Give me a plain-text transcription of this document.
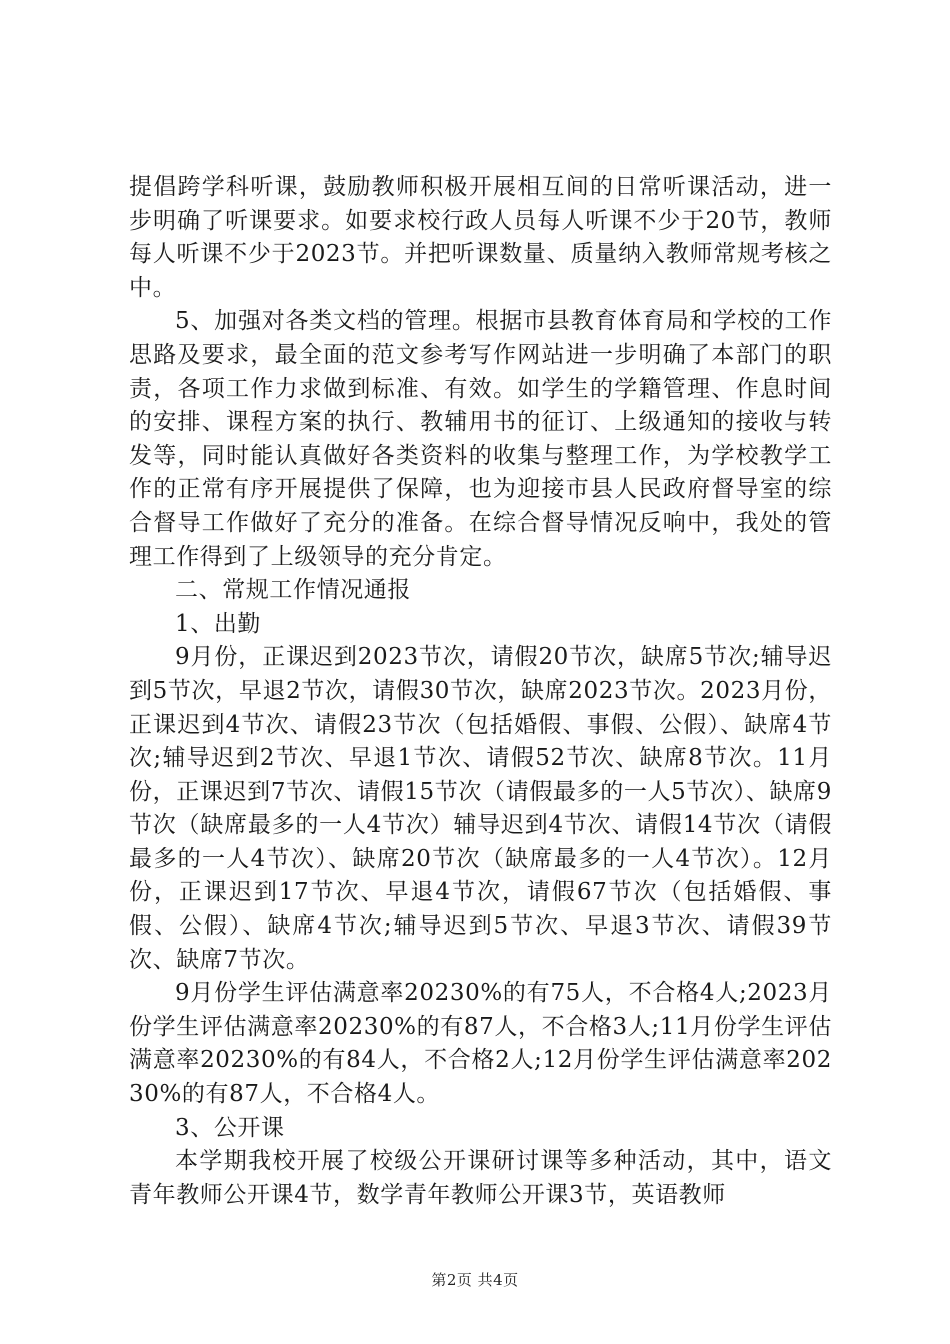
提倡跨学科听课，鼓励教师积极开展相互间的日常听课活动，进一步明确了听课要求。如要求校行政人员每人听课不少于20节，教师每人听课不少于2023节。并把听课数量、质量纳入教师常规考核之中。

5、加强对各类文档的管理。根据市县教育体育局和学校的工作思路及要求，最全面的范文参考写作网站进一步明确了本部门的职责，各项工作力求做到标准、有效。如学生的学籍管理、作息时间的安排、课程方案的执行、教辅用书的征订、上级通知的接收与转发等，同时能认真做好各类资料的收集与整理工作，为学校教学工作的正常有序开展提供了保障，也为迎接市县人民政府督导室的综合督导工作做好了充分的准备。在综合督导情况反响中，我处的管理工作得到了上级领导的充分肯定。

二、常规工作情况通报

1、出勤

9月份，正课迟到2023节次，请假20节次，缺席5节次;辅导迟到5节次，早退2节次，请假30节次，缺席2023节次。2023月份，正课迟到4节次、请假23节次（包括婚假、事假、公假）、缺席4节次;辅导迟到2节次、早退1节次、请假52节次、缺席8节次。11月份，正课迟到7节次、请假15节次（请假最多的一人5节次）、缺席9节次（缺席最多的一人4节次）辅导迟到4节次、请假14节次（请假最多的一人4节次）、缺席20节次（缺席最多的一人4节次）。12月份，正课迟到17节次、早退4节次，请假67节次（包括婚假、事假、公假）、缺席4节次;辅导迟到5节次、早退3节次、请假39节次、缺席7节次。

9月份学生评估满意率20230%的有75人，不合格4人;2023月份学生评估满意率20230%的有87人，不合格3人;11月份学生评估满意率20230%的有84人，不合格2人;12月份学生评估满意率20230%的有87人，不合格4人。

3、公开课

本学期我校开展了校级公开课研讨课等多种活动，其中，语文青年教师公开课4节，数学青年教师公开课3节，英语教师

第2页 共4页
